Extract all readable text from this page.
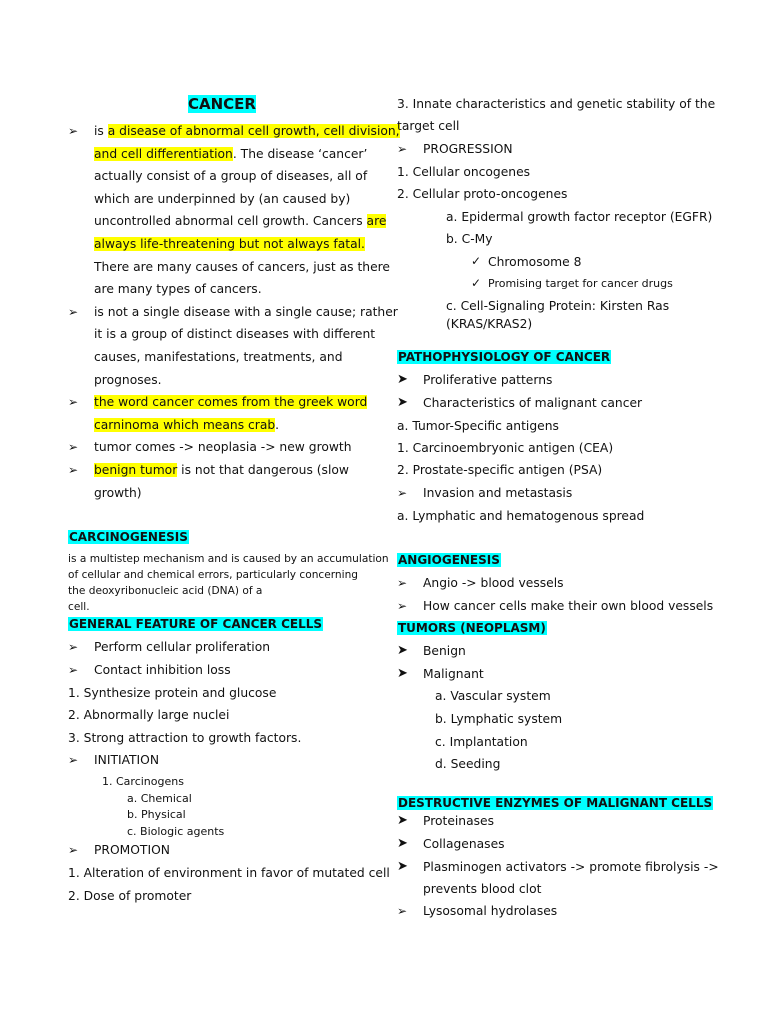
CANCER
➢ is a disease of abnormal cell growth, cell division,
and cell differentiation. The disease ‘cancer’
actually consist of a group of diseases, all of
which are underpinned by (an caused by)
uncontrolled abnormal cell growth. Cancers are
always life-threatening but not always fatal.
There are many causes of cancers, just as there
are many types of cancers.
➢ is not a single disease with a single cause; rather
it is a group of distinct diseases with different
causes, manifestations, treatments, and
prognoses.
➢ the word cancer comes from the greek word
carninoma which means crab.
➢ tumor comes -> neoplasia -> new growth
➢ benign tumor is not that dangerous (slow
growth)
CARCINOGENESIS
is a multistep mechanism and is caused by an accumulation
of cellular and chemical errors, particularly concerning
the deoxyribonucleic acid (DNA) of a
cell.
GENERAL FEATURE OF CANCER CELLS
➢ Perform cellular proliferation
➢ Contact inhibition loss
1. Synthesize protein and glucose
2. Abnormally large nuclei
3. Strong attraction to growth factors.
➢ INITIATION
1. Carcinogens
a. Chemical
b. Physical
c. Biologic agents
➢ PROMOTION
1. Alteration of environment in favor of mutated cell
2. Dose of promoter
3. Innate characteristics and genetic stability of the
target cell
➢ PROGRESSION
1. Cellular oncogenes
2. Cellular proto-oncogenes
a. Epidermal growth factor receptor (EGFR)
b. C-My
✓ Chromosome 8
✓ Promising target for cancer drugs
c. Cell-Signaling Protein: Kirsten Ras
(KRAS/KRAS2)
PATHOPHYSIOLOGY OF CANCER
➤ Proliferative patterns
➤ Characteristics of malignant cancer
a. Tumor-Specific antigens
1. Carcinoembryonic antigen (CEA)
2. Prostate-specific antigen (PSA)
➢ Invasion and metastasis
a. Lymphatic and hematogenous spread
ANGIOGENESIS
➢ Angio -> blood vessels
➢ How cancer cells make their own blood vessels
TUMORS (NEOPLASM)
➤ Benign
➤ Malignant
a. Vascular system
b. Lymphatic system
c. Implantation
d. Seeding
DESTRUCTIVE ENZYMES OF MALIGNANT CELLS
➤ Proteinases
➤ Collagenases
➤ Plasminogen activators -> promote fibrolysis ->
prevents blood clot
➢ Lysosomal hydrolases
